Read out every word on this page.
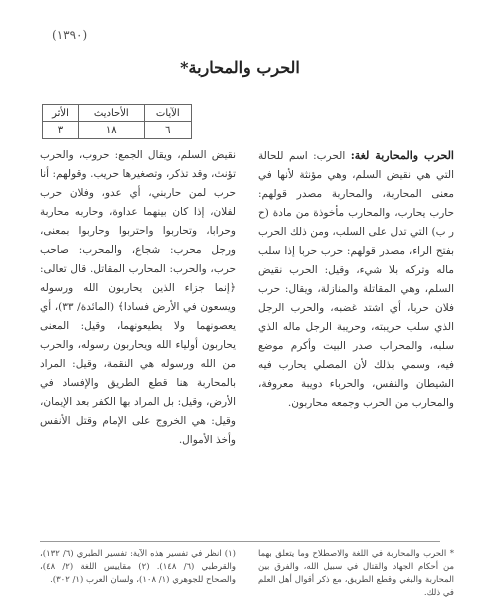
(١٣٩٠)
الحرب والمحاربة*
الآيات	الأحاديث	الأثر
٦	١٨	٣

الحرب والمحاربة لغة: الحرب: اسم للحالة التي هي نقيض السلم، وهي مؤنثة لأنها في معنى المحاربة، والمحاربة مصدر قولهم: حارب يحارب، والمحارب مأخوذة من مادة (ح ر ب) التي تدل على السلب، ومن ذلك الحرب بفتح الراء، مصدر قولهم: حرب حربا إذا سلب ماله وتركه بلا شيء، وقيل: الحرب نقيض السلم، وهي المقاتلة والمنازلة، ويقال: حرب فلان حربا، أي اشتد غضبه، والحرب الرجل الذي سلب حريبته، وحريبة الرجل ماله الذي سلبه، والمحراب صدر البيت وأكرم موضع فيه، وسمي بذلك لأن المصلي يحارب فيه الشيطان والنفس، والحرباء دويبة معروفة، والمحارب من الحرب وجمعه محاربون.

نقيض السلم، ويقال الجمع: حروب، والحرب تؤنث، وقد تذكر، وتصغيرها حريب. وقولهم: أنا حرب لمن حاربني، أي عدو، وفلان حرب لفلان، إذا كان بينهما عداوة، وحاربه محاربة وحرابا، وتحاربوا واحتربوا وحاربوا بمعنى، ورجل محرب: شجاع، والمحرب: صاحب حرب، والحرب: المحارب المقاتل. قال تعالى: ﴿إنما جزاء الذين يحاربون الله ورسوله ويسعون في الأرض فسادا﴾ (المائدة/ ٣٣)، أي يعصونهما ولا يطيعونهما، وقيل: المعنى يحاربون أولياء الله ويحاربون رسوله، والحرب من الله ورسوله هي النقمة، وقيل: المراد بالمحاربة هنا قطع الطريق والإفساد في الأرض، وقيل: بل المراد بها الكفر بعد الإيمان، وقيل: هي الخروج على الإمام وقتل الأنفس وأخذ الأموال.

* الحرب والمحاربة في اللغة والاصطلاح وما يتعلق بهما من أحكام الجهاد والقتال في سبيل الله، والفرق بين المحاربة والبغي وقطع الطريق، مع ذكر أقوال أهل العلم في ذلك.

(١) انظر في تفسير هذه الآية: تفسير الطبري (٦/ ١٣٢)، والقرطبي (٦/ ١٤٨). (٢) مقاييس اللغة (٢/ ٤٨)، والصحاح للجوهري (١/ ١٠٨)، ولسان العرب (١/ ٣٠٢).
